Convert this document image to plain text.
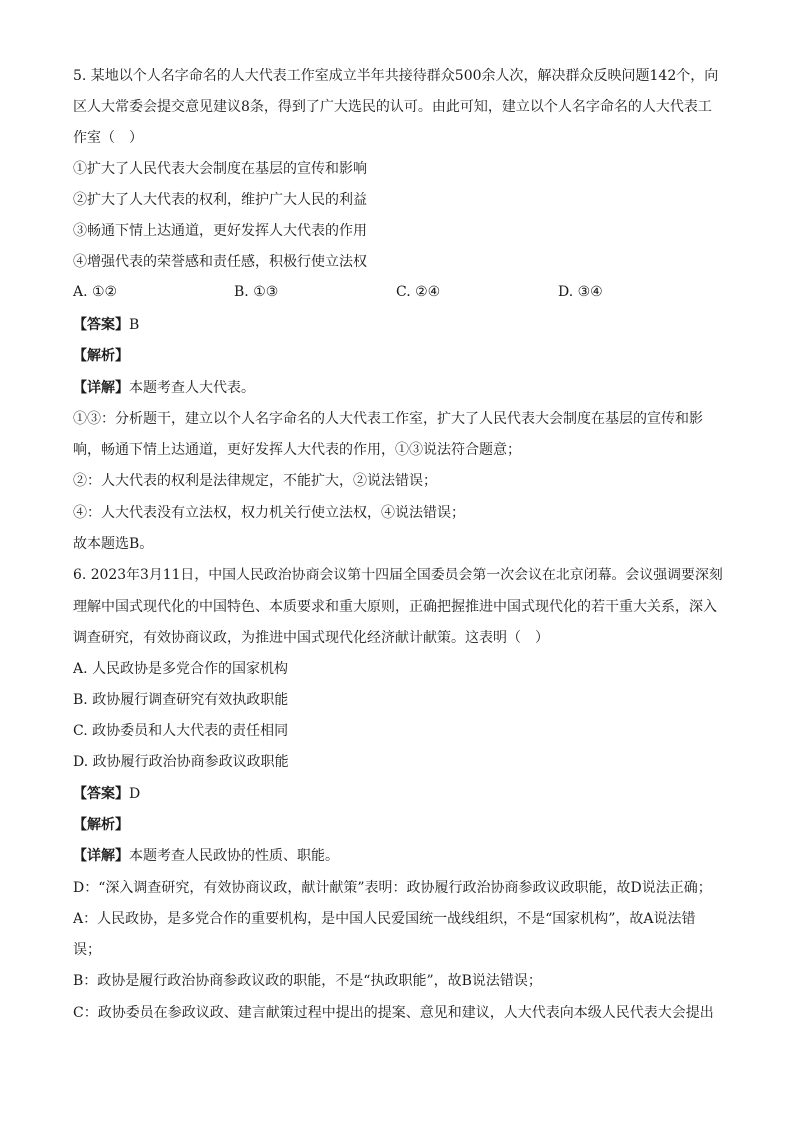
5. 某地以个人名字命名的人大代表工作室成立半年共接待群众500余人次，解决群众反映问题142个，向
区人大常委会提交意见建议8条，得到了广大选民的认可。由此可知，建立以个人名字命名的人大代表工
作室（　）
①扩大了人民代表大会制度在基层的宣传和影响
②扩大了人大代表的权利，维护广大人民的利益
③畅通下情上达通道，更好发挥人大代表的作用
④增强代表的荣誉感和责任感，积极行使立法权
A. ①②	B. ①③	C. ②④	D. ③④
【答案】B
【解析】
【详解】本题考查人大代表。
①③：分析题干，建立以个人名字命名的人大代表工作室，扩大了人民代表大会制度在基层的宣传和影
响，畅通下情上达通道，更好发挥人大代表的作用，①③说法符合题意；
②：人大代表的权利是法律规定，不能扩大，②说法错误；
④：人大代表没有立法权，权力机关行使立法权，④说法错误；
故本题选B。
6. 2023年3月11日，中国人民政治协商会议第十四届全国委员会第一次会议在北京闭幕。会议强调要深刻
理解中国式现代化的中国特色、本质要求和重大原则，正确把握推进中国式现代化的若干重大关系，深入
调查研究，有效协商议政，为推进中国式现代化经济献计献策。这表明（　）
A. 人民政协是多党合作的国家机构
B. 政协履行调查研究有效执政职能
C. 政协委员和人大代表的责任相同
D. 政协履行政治协商参政议政职能
【答案】D
【解析】
【详解】本题考查人民政协的性质、职能。
D：“深入调查研究，有效协商议政，献计献策”表明：政协履行政治协商参政议政职能，故D说法正确；
A：人民政协，是多党合作的重要机构，是中国人民爱国统一战线组织，不是“国家机构”，故A说法错
误；
B：政协是履行政治协商参政议政的职能，不是“执政职能”，故B说法错误；
C：政协委员在参政议政、建言献策过程中提出的提案、意见和建议，人大代表向本级人民代表大会提出
